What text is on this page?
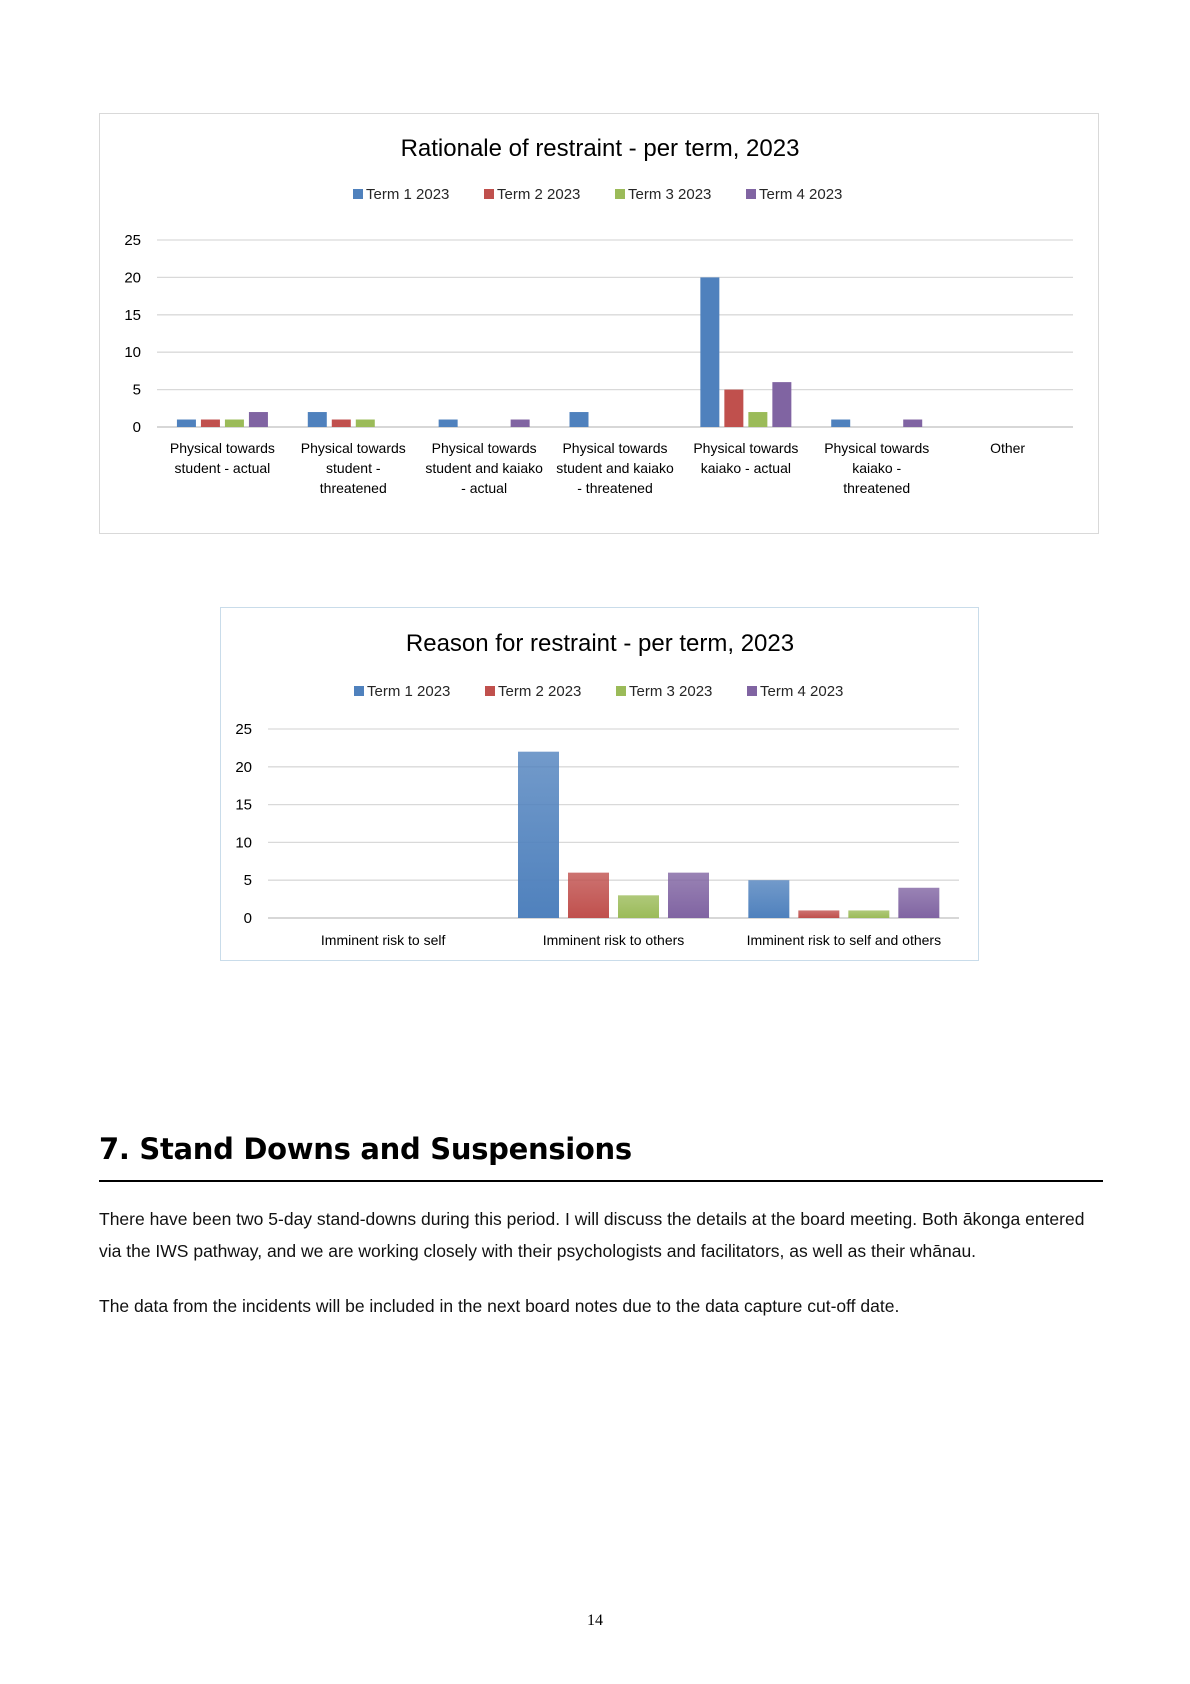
Rationale of restraint - per term, 2023
Term 1 2023	Term 2 2023	Term 3 2023	Term 4 2023
0
5
10
15
20
25
Physical towards
student - actual
Physical towards
student -
threatened
Physical towards
student and kaiako
- actual
Physical towards
student and kaiako
- threatened
Physical towards
kaiako - actual
Physical towards
kaiako -
threatened
Other
Reason for restraint - per term, 2023
Term 1 2023	Term 2 2023	Term 3 2023	Term 4 2023
0
5
10
15
20
25
Imminent risk to self	Imminent risk to others	Imminent risk to self and others
7. Stand Downs and Suspensions

There have been two 5-day stand-downs during this period. I will discuss the details at the board meeting. Both ākonga entered via the IWS pathway, and we are working closely with their psychologists and facilitators, as well as their whānau.

The data from the incidents will be included in the next board notes due to the data capture cut-off date.

14
